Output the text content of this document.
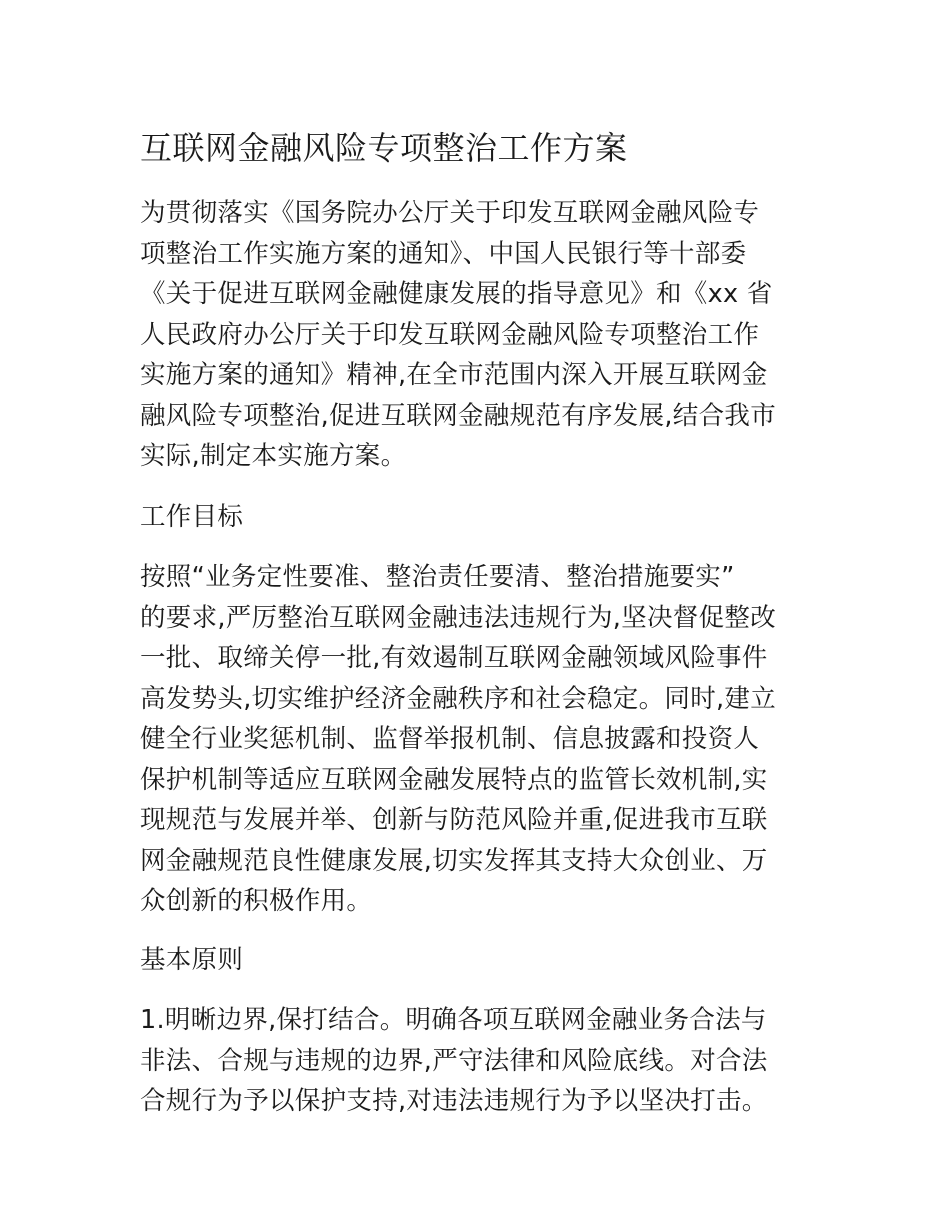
互联网金融风险专项整治工作方案

为贯彻落实《国务院办公厅关于印发互联网金融风险专
项整治工作实施方案的通知》、中国人民银行等十部委
《关于促进互联网金融健康发展的指导意见》和《xx 省
人民政府办公厅关于印发互联网金融风险专项整治工作
实施方案的通知》精神,在全市范围内深入开展互联网金
融风险专项整治,促进互联网金融规范有序发展,结合我市
实际,制定本实施方案。

工作目标

按照“业务定性要准、整治责任要清、整治措施要实”
的要求,严厉整治互联网金融违法违规行为,坚决督促整改
一批、取缔关停一批,有效遏制互联网金融领域风险事件
高发势头,切实维护经济金融秩序和社会稳定。同时,建立
健全行业奖惩机制、监督举报机制、信息披露和投资人
保护机制等适应互联网金融发展特点的监管长效机制,实
现规范与发展并举、创新与防范风险并重,促进我市互联
网金融规范良性健康发展,切实发挥其支持大众创业、万
众创新的积极作用。

基本原则

1.明晰边界,保打结合。明确各项互联网金融业务合法与
非法、合规与违规的边界,严守法律和风险底线。对合法
合规行为予以保护支持,对违法违规行为予以坚决打击。
